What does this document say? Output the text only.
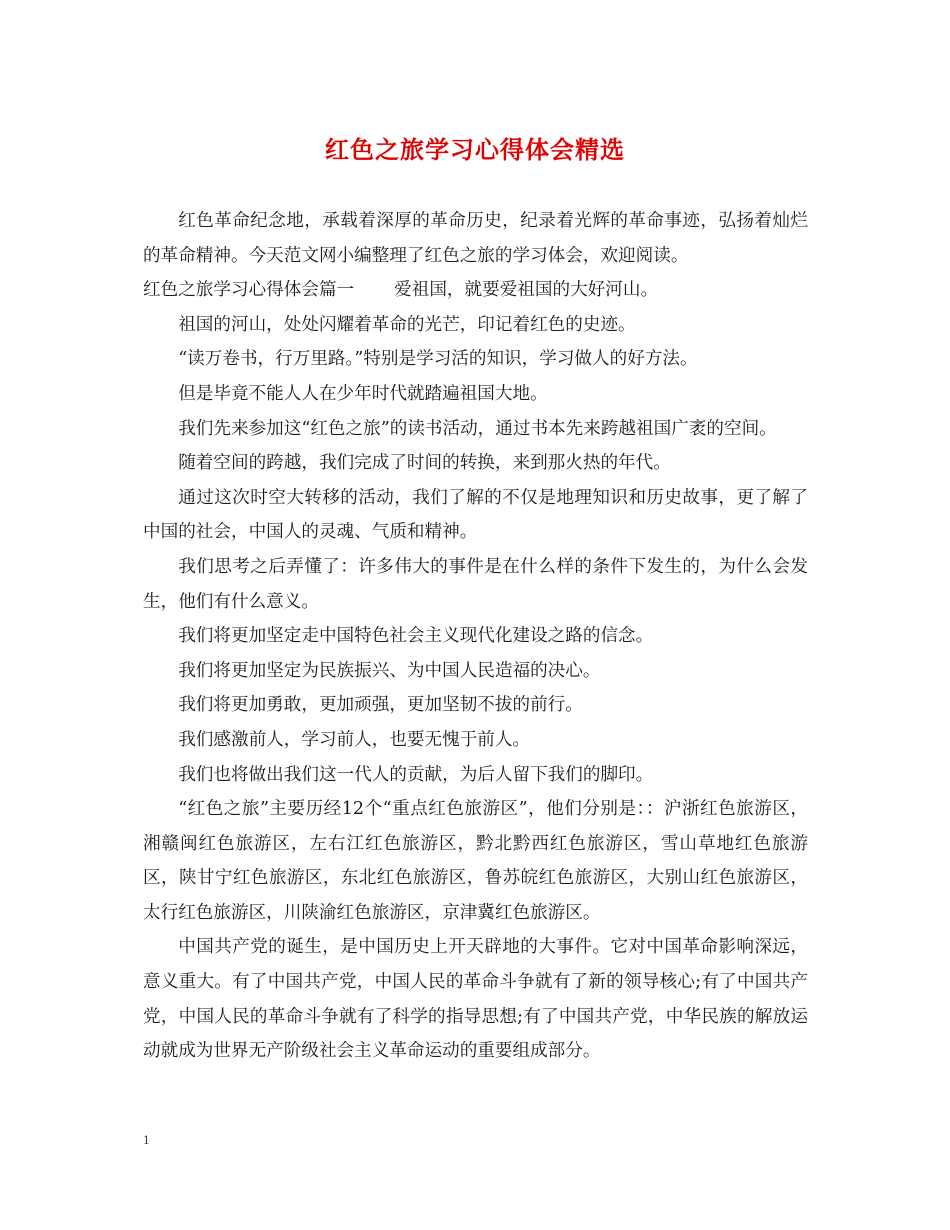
红色之旅学习心得体会精选

红色革命纪念地，承载着深厚的革命历史，纪录着光辉的革命事迹，弘扬着灿烂的革命精神。今天范文网小编整理了红色之旅的学习体会，欢迎阅读。

红色之旅学习心得体会篇一 爱祖国，就要爱祖国的大好河山。

祖国的河山，处处闪耀着革命的光芒，印记着红色的史迹。

“读万卷书，行万里路。”特别是学习活的知识，学习做人的好方法。

但是毕竟不能人人在少年时代就踏遍祖国大地。

我们先来参加这“红色之旅”的读书活动，通过书本先来跨越祖国广袤的空间。

随着空间的跨越，我们完成了时间的转换，来到那火热的年代。

通过这次时空大转移的活动，我们了解的不仅是地理知识和历史故事，更了解了中国的社会，中国人的灵魂、气质和精神。

我们思考之后弄懂了：许多伟大的事件是在什么样的条件下发生的，为什么会发生，他们有什么意义。

我们将更加坚定走中国特色社会主义现代化建设之路的信念。

我们将更加坚定为民族振兴、为中国人民造福的决心。

我们将更加勇敢，更加顽强，更加坚韧不拔的前行。

我们感激前人，学习前人，也要无愧于前人。

我们也将做出我们这一代人的贡献，为后人留下我们的脚印。

“红色之旅”主要历经12个“重点红色旅游区”，他们分别是：：沪浙红色旅游区，湘赣闽红色旅游区，左右江红色旅游区，黔北黔西红色旅游区，雪山草地红色旅游区，陕甘宁红色旅游区，东北红色旅游区，鲁苏皖红色旅游区，大别山红色旅游区，太行红色旅游区，川陕渝红色旅游区，京津冀红色旅游区。

中国共产党的诞生，是中国历史上开天辟地的大事件。它对中国革命影响深远，意义重大。有了中国共产党，中国人民的革命斗争就有了新的领导核心;有了中国共产党，中国人民的革命斗争就有了科学的指导思想;有了中国共产党，中华民族的解放运动就成为世界无产阶级社会主义革命运动的重要组成部分。

1
